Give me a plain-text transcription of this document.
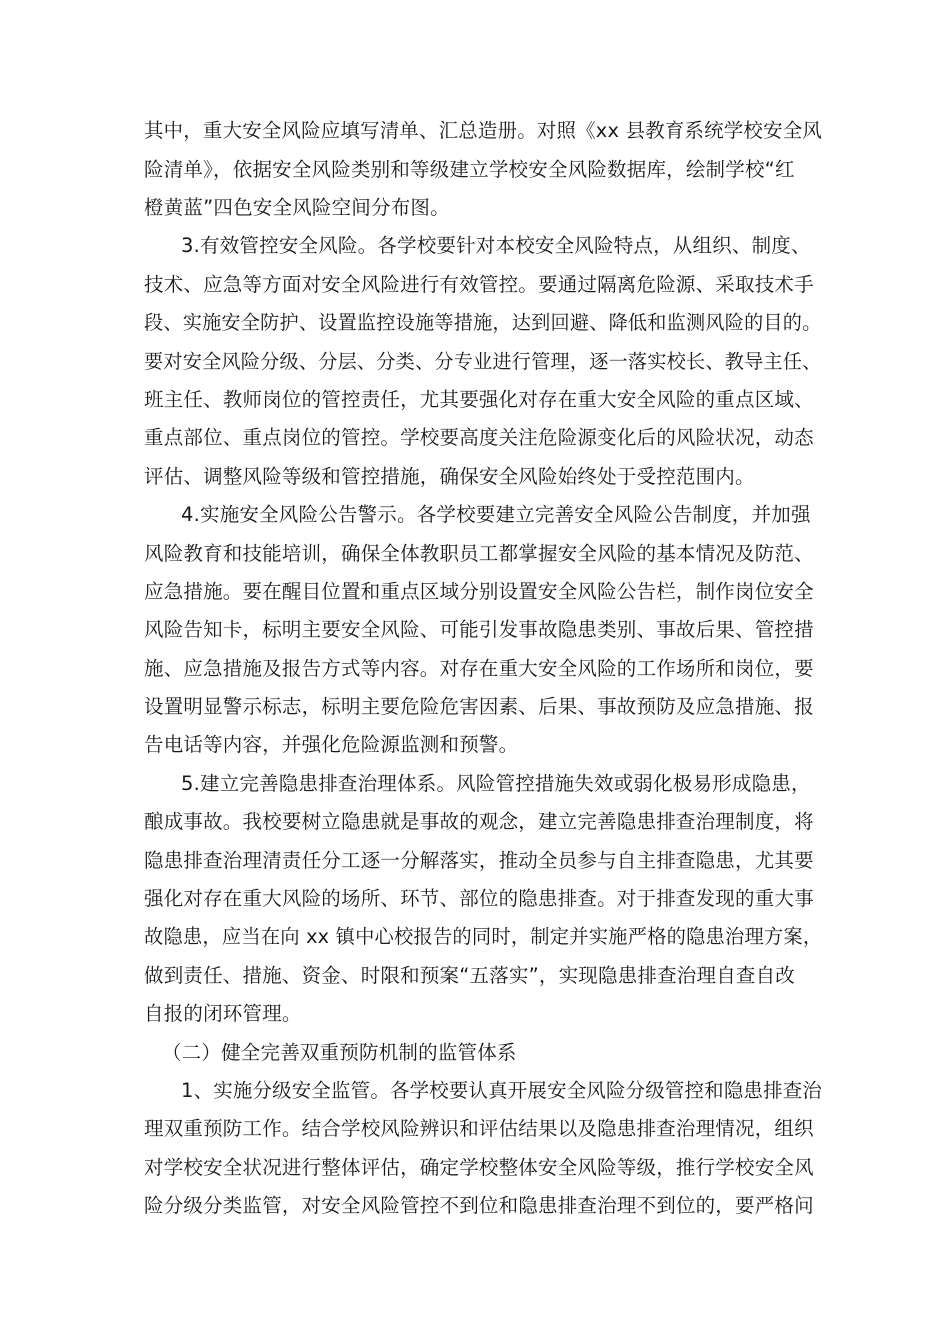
其中，重大安全风险应填写清单、汇总造册。对照《xx 县教育系统学校安全风
险清单》，依据安全风险类别和等级建立学校安全风险数据库，绘制学校“红
橙黄蓝”四色安全风险空间分布图。
3.有效管控安全风险。各学校要针对本校安全风险特点，从组织、制度、
技术、应急等方面对安全风险进行有效管控。要通过隔离危险源、采取技术手
段、实施安全防护、设置监控设施等措施，达到回避、降低和监测风险的目的。
要对安全风险分级、分层、分类、分专业进行管理，逐一落实校长、教导主任、
班主任、教师岗位的管控责任，尤其要强化对存在重大安全风险的重点区域、
重点部位、重点岗位的管控。学校要高度关注危险源变化后的风险状况，动态
评估、调整风险等级和管控措施，确保安全风险始终处于受控范围内。
4.实施安全风险公告警示。各学校要建立完善安全风险公告制度，并加强
风险教育和技能培训，确保全体教职员工都掌握安全风险的基本情况及防范、
应急措施。要在醒目位置和重点区域分别设置安全风险公告栏，制作岗位安全
风险告知卡，标明主要安全风险、可能引发事故隐患类别、事故后果、管控措
施、应急措施及报告方式等内容。对存在重大安全风险的工作场所和岗位，要
设置明显警示标志，标明主要危险危害因素、后果、事故预防及应急措施、报
告电话等内容，并强化危险源监测和预警。
5.建立完善隐患排查治理体系。风险管控措施失效或弱化极易形成隐患，
酿成事故。我校要树立隐患就是事故的观念，建立完善隐患排查治理制度，将
隐患排查治理清责任分工逐一分解落实，推动全员参与自主排查隐患，尤其要
强化对存在重大风险的场所、环节、部位的隐患排查。对于排查发现的重大事
故隐患，应当在向 xx 镇中心校报告的同时，制定并实施严格的隐患治理方案，
做到责任、措施、资金、时限和预案“五落实”，实现隐患排查治理自查自改
自报的闭环管理。
（二）健全完善双重预防机制的监管体系
1、实施分级安全监管。各学校要认真开展安全风险分级管控和隐患排查治
理双重预防工作。结合学校风险辨识和评估结果以及隐患排查治理情况，组织
对学校安全状况进行整体评估，确定学校整体安全风险等级，推行学校安全风
险分级分类监管，对安全风险管控不到位和隐患排查治理不到位的，要严格问
